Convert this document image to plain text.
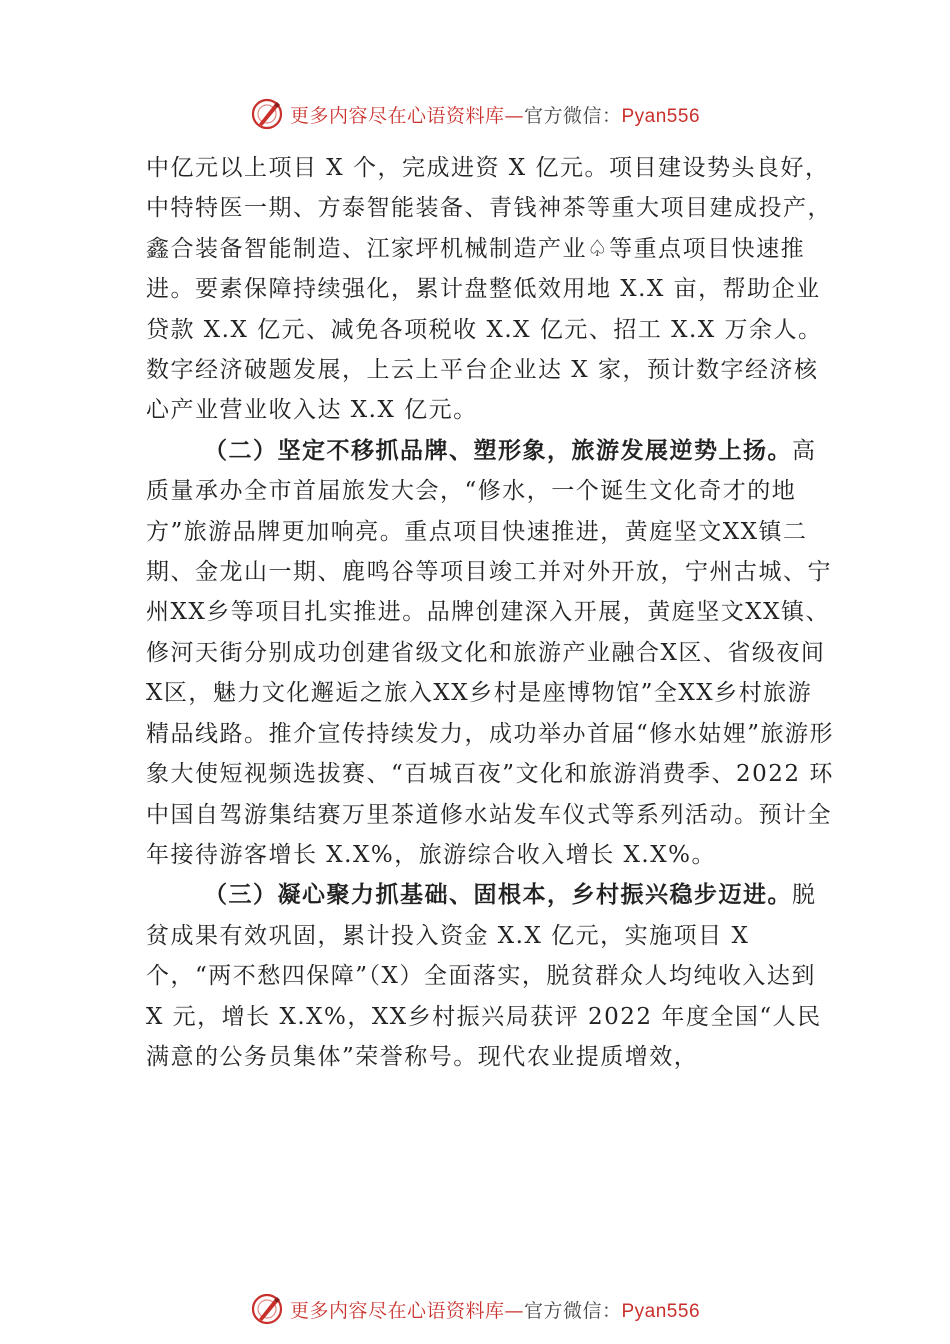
更多内容尽在心语资料库—官方微信：Pyan556

中亿元以上项目 X 个，完成进资 X 亿元。项目建设势头良好，中特特医一期、方泰智能装备、青钱神茶等重大项目建成投产，鑫合装备智能制造、江家坪机械制造产业♤等重点项目快速推进。要素保障持续强化，累计盘整低效用地 X.X 亩，帮助企业贷款 X.X 亿元、减免各项税收 X.X 亿元、招工 X.X 万余人。数字经济破题发展，上云上平台企业达 X 家，预计数字经济核心产业营业收入达 X.X 亿元。

（二）坚定不移抓品牌、塑形象，旅游发展逆势上扬。高质量承办全市首届旅发大会，“修水，一个诞生文化奇才的地方”旅游品牌更加响亮。重点项目快速推进，黄庭坚文XX镇二期、金龙山一期、鹿鸣谷等项目竣工并对外开放，宁州古城、宁州XX乡等项目扎实推进。品牌创建深入开展，黄庭坚文XX镇、修河天街分别成功创建省级文化和旅游产业融合X区、省级夜间X区，魅力文化邂逅之旅入XX乡村是座博物馆”全XX乡村旅游精品线路。推介宣传持续发力，成功举办首届“修水姑娌”旅游形象大使短视频选拔赛、“百城百夜”文化和旅游消费季、2022 环中国自驾游集结赛万里茶道修水站发车仪式等系列活动。预计全年接待游客增长 X.X%，旅游综合收入增长 X.X%。

（三）凝心聚力抓基础、固根本，乡村振兴稳步迈进。脱贫成果有效巩固，累计投入资金 X.X 亿元，实施项目 X 个，“两不愁四保障”（X）全面落实，脱贫群众人均纯收入达到 X 元，增长 X.X%，XX乡村振兴局获评 2022 年度全国“人民满意的公务员集体”荣誉称号。现代农业提质增效，

更多内容尽在心语资料库—官方微信：Pyan556
